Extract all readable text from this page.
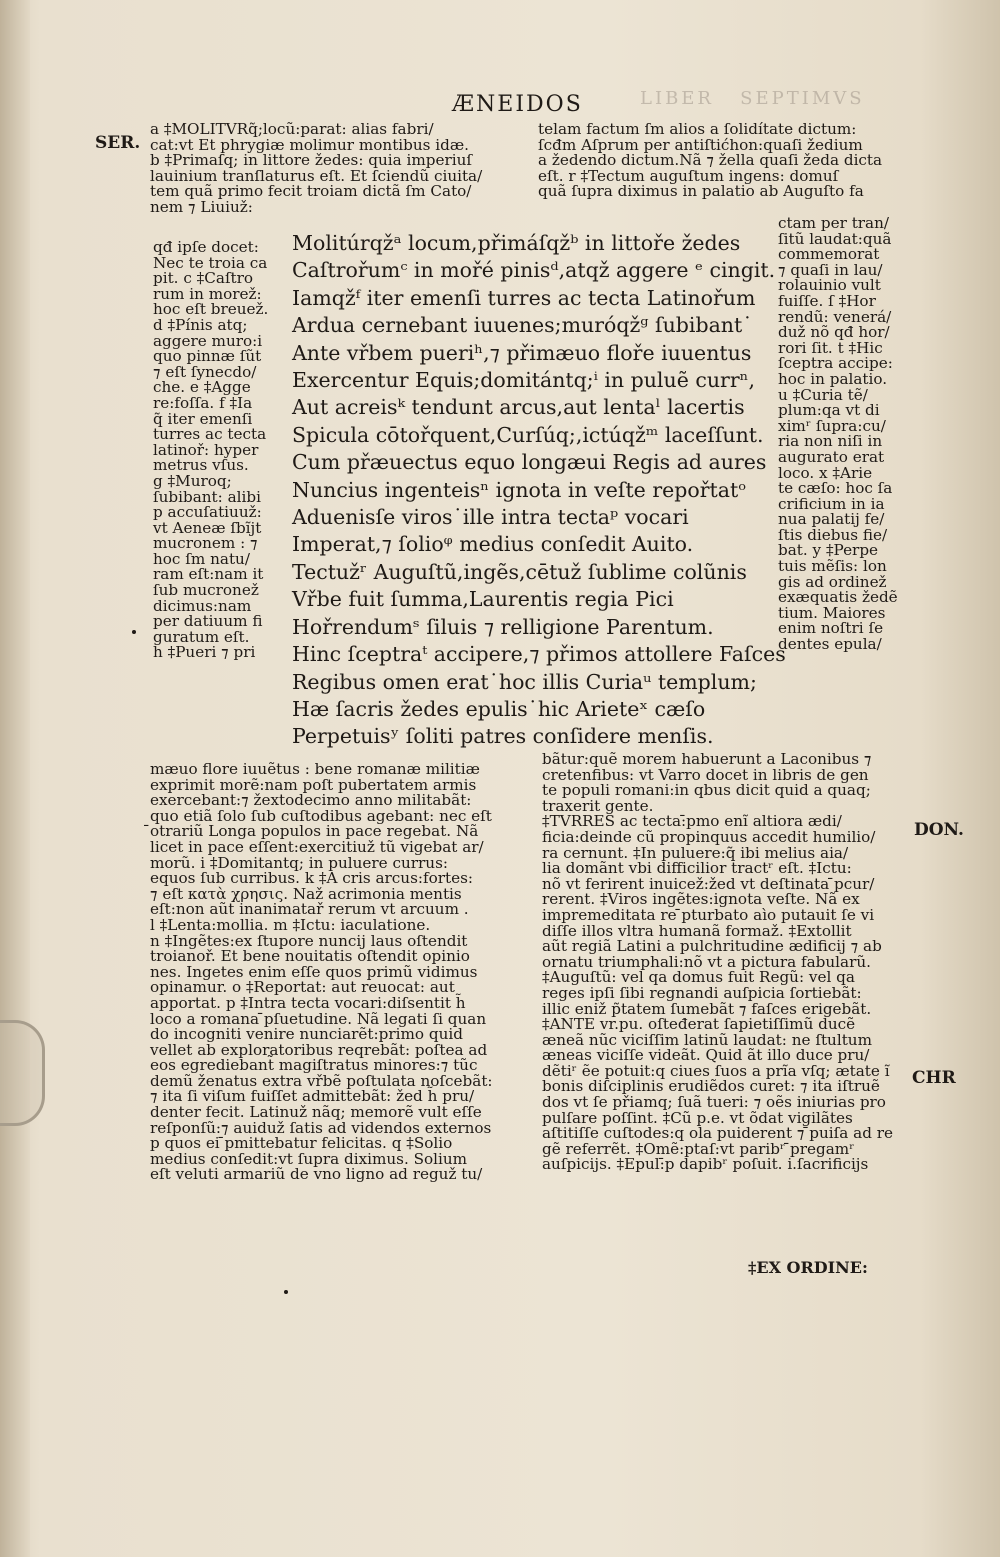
LIBER   SEPTIMVS
ÆNEIDOS
SER.
DON.
CHR
a ‡MOLITVRq̃;locũ:parat: alias fabri/
cat:vt Et phrygiæ molimur montibus idæ.
b ‡Primaſq; in littore žedes: quia imperiuſ
lauinium tranſlaturus eſt. Et ſciendũ ciuita/
tem quã primo fecit troiam dictã ſm Cato/
nem ⁊ Liuiuž:
telam factum ſm alios a ſolidítate dictum:
ſcđm Aſprum per antiſtićhon:quaſi žedium
a žedendo dictum.Nã ⁊ žella quaſi žeda dicta
eſt. r ‡Tectum auguſtum ingens: domuſ
quã ſupra diximus in palatio ab Auguſto fa
qđ ipſe docet:
Nec te troia ca
pit. c ‡Caſtro
rum in morež:
hoc eſt breuež.
d ‡Pínis atq;
aggere muro:i
quo pinnæ ſũt
⁊ eſt ſynecdo/
che. e ‡Agge
re:foſſa. f ‡Ia
q̃ iter emenſi
turres ac tecta
latinoř: hyper
metrus vſus.
g ‡Muroq;
ſubibant: alibi
p accuſatiuuž:
vt Aeneæ ſbĩjt
mucronem : ⁊
hoc ſm natu/
ram eſt:nam it
ſub mucronež
dicimus:nam
per datiuum fi
guratum eſt.
h ‡Pueri ⁊ pri
Molitúrqžᵃ locum,přimáſqžᵇ in littoře žedes
Caſtrořumᶜ in mořé pinisᵈ,atqž aggere ᵉ cingit.
Iamqžᶠ iter emenſi turres ac tecta Latinořum
Ardua cernebant iuuenes;muróqžᵍ ſubibant˙
Ante vřbem pueriʰ,⁊ přimæuo floře iuuentus
Exercentur Equis;domitántq;ⁱ in puluẽ currⁿ,
Aut acreisᵏ tendunt arcus,aut lentaˡ lacertis
Spicula cōtořquent,Curſúq;,ictúqžᵐ laceſſunt.
Cum přæuectus equo longæui Regis ad aures
Nuncius ingenteisⁿ ignota in veſte repořtatᵒ
Aduenisſe viros˙ille intra tectaᵖ vocari
Imperat,⁊ ſolioᵠ medius conſedit Auito.
Tectužʳ Auguſtũ,ingẽs,cētuž ſublime colũnis
Vřbe fuit ſumma,Laurentis regia Pici
Hořrendumˢ ſiluis ⁊ relligione Parentum.
Hinc ſceptraᵗ accipere,⁊ přimos attollere Faſces
Regibus omen erat˙hoc illis Curiaᵘ templum;
Hæ ſacris žedes epulis˙hic Arieteˣ cæſo
Perpetuisʸ ſoliti patres conſidere menſis.
ctam per tran/
ſitũ laudat:quã
commemorat
⁊ quaſi in lau/
rolauinio vult
fuiſſe. ſ ‡Hor
rendũ: venerá/
duž nõ qđ hor/
rori ſit. t ‡Hic
ſceptra accipe:
hoc in palatio.
u ‡Curia tẽ/
plum:qa vt di
ximʳ ſupra:cu/
ria non niſi in
augurato erat
loco. x ‡Arie
te cæſo: hoc ſa
crificium in ia
nua palatij fe/
ſtis diebus fie/
bat. y ‡Perpe
tuis mẽſis: lon
gis ad ordinež
exæquatis žedẽ
tium. Maiores
enim noſtri ſe
dentes epula/
mæuo flore iuuẽtus : bene romanæ militiæ
exprimit morẽ:nam poſt pubertatem armis
exercebant:⁊ žextodecimo anno militabãt:
quo etiã ſolo ſub cuſtodibus agebant: nec eſt
̄otrariũ Longa populos in pace regebat. Nã
licet in pace eſſent:exercitiuž tũ vigebat ar/
morũ. i ‡Domitantq; in puluere currus:
equos ſub curribus. k ‡A cris arcus:fortes:
⁊ eſt κατὰ χρησις. Naž acrimonia mentis
eſt:non aũt inanimatař rerum vt arcuum .
l ‡Lenta:mollia. m ‡Ictu: iaculatione.
n ‡Ingẽtes:ex ſtupore nuncij laus oſtendit
troianoř. Et bene nouitatis oſtendit opinio
nes. Ingetes enim eſſe quos primũ vidimus
opinamur. o ‡Reportat: aut reuocat: aut
apportat. p ‡Intra tecta vocari:diſsentit h̃
loco a romana ̄pſuetudine. Nã legati ſi quan
do incogniti venire nunciarẽt:primo quid
vellet ab exploratoribus reqrebãt: poſtea ad
eos egrediebant̃ magiſtratus minores:⁊ tũc
demũ ženatus extra vřbẽ poſtulata noſcebãt:
⁊ ita ſi viſum fuiſſet admittebãt: žed h̃ pru/
denter fecit. Latinuž nãq; memorẽ vult eſſe
reſponſũ:⁊ auiduž ſatis ad videndos externos
p quos ei ̄pmittebatur felicitas. q ‡Solio
medius conſedit:vt ſupra diximus. Solium
eſt veluti armariũ de vno ligno ad reguž tu/
bãtur:quẽ morem habuerunt a Laconibus ⁊
cretenfibus: vt Varro docet in libris de gen
te populi romani:in qbus dicit quid a quaq;
traxerit gente.
‡TVRRES ac tecta:̄pmo enĩ altiora ædi/
ficia:deinde cũ propinquus accedit humilio/
ra cernunt. ‡In puluere:q̃ ibi melius aia/
lia domãnt vbi difficilior tractʳ eſt. ‡Ictu:
nõ vt ferirent inuicež:žed vt deſtinata ̄pcur/
rerent. ‡Viros ingẽtes:ignota veſte. Nã ex
impremeditata re ̄pturbato aìo putauit ſe vi
diſſe illos vltra humanã formaž. ‡Extollit
aũt regiã Latini a pulchritudine ædificij ⁊ ab
ornatu triumphali:nõ vt a pictura fabularũ.
‡Auguſtũ: vel qa domus fuit Regũ: vel qa
reges ipſi ſibi regnandi auſpicia ſortiebãt:
illic eniž p̃tatem ſumebãt ⁊ faſces erigebãt.
‡ANTE vr.pu. oſteđerat ſapietiſſimũ ducẽ
æneã nũc viciſſim latinũ laudat: ne ſtultum
æneas viciſſe videãt. Quid ãt illo duce pru/
dẽtiʳ ẽe potuit:q ciues ſuos a prĩa vſq; ætate ĩ
bonis diſciplinis erudiẽdos curet: ⁊ ita iſtruẽ
dos vt ſe přiamq; ſuã tueri: ⁊ oẽs iniurias pro
pulſare poſſint. ‡Cũ p.e. vt õdat vigilãtes
aſtitiſſe cuſtodes:q ola puiderent ⁊ ̄puiſa ad re
gẽ referrẽt. ‡Omẽ:ptaſ:vt paribʳ ̄pregamʳ
auſpicijs. ‡Epul:̄p dapibʳ poſuit. i.ſacrificijs
‡EX ORDINE:
